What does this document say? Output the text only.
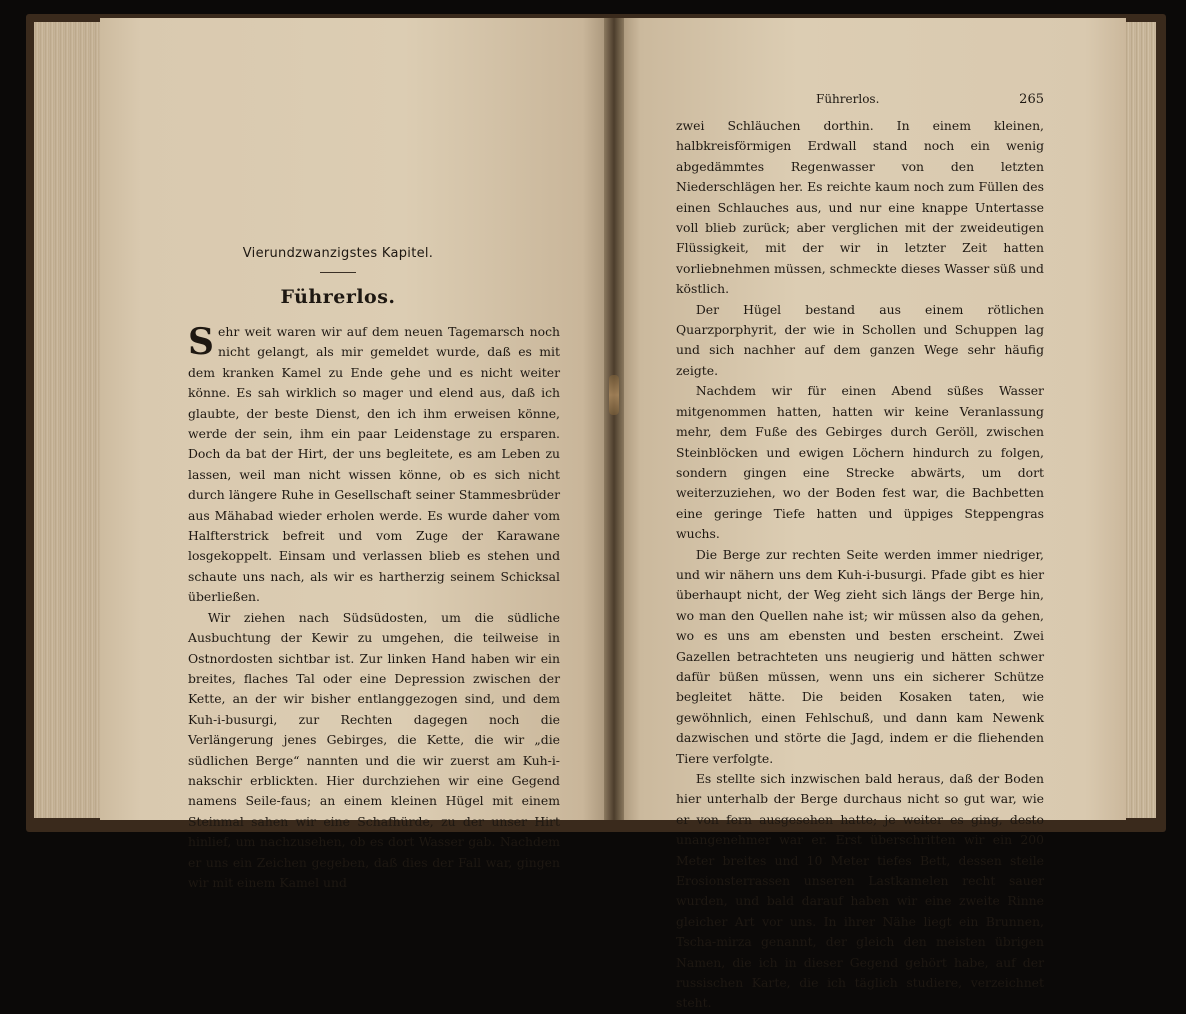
Vierundzwanzigstes Kapitel.
Führerlos.

Sehr weit waren wir auf dem neuen Tagemarsch noch nicht gelangt, als mir gemeldet wurde, daß es mit dem kranken Kamel zu Ende gehe und es nicht weiter könne. Es sah wirklich so mager und elend aus, daß ich glaubte, der beste Dienst, den ich ihm erweisen könne, werde der sein, ihm ein paar Leidenstage zu ersparen. Doch da bat der Hirt, der uns begleitete, es am Leben zu lassen, weil man nicht wissen könne, ob es sich nicht durch längere Ruhe in Gesellschaft seiner Stammesbrüder aus Mähabad wieder erholen werde. Es wurde daher vom Halfterstrick befreit und vom Zuge der Karawane losgekoppelt. Einsam und verlassen blieb es stehen und schaute uns nach, als wir es hartherzig seinem Schicksal überließen.

Wir ziehen nach Südsüdosten, um die südliche Ausbuchtung der Kewir zu umgehen, die teilweise in Ostnordosten sichtbar ist. Zur linken Hand haben wir ein breites, flaches Tal oder eine Depression zwischen der Kette, an der wir bisher entlanggezogen sind, und dem Kuh-i-busurgi, zur Rechten dagegen noch die Verlängerung jenes Gebirges, die Kette, die wir „die südlichen Berge“ nannten und die wir zuerst am Kuh-i-nakschir erblickten. Hier durchziehen wir eine Gegend namens Seile-faus; an einem kleinen Hügel mit einem Steinmal sahen wir eine Schafhürde, zu der unser Hirt hinlief, um nachzusehen, ob es dort Wasser gab. Nachdem er uns ein Zeichen gegeben, daß dies der Fall war, gingen wir mit einem Kamel und

Führerlos.	265

zwei Schläuchen dorthin. In einem kleinen, halbkreisförmigen Erdwall stand noch ein wenig abgedämmtes Regenwasser von den letzten Niederschlägen her. Es reichte kaum noch zum Füllen des einen Schlauches aus, und nur eine knappe Untertasse voll blieb zurück; aber verglichen mit der zweideutigen Flüssigkeit, mit der wir in letzter Zeit hatten vorliebnehmen müssen, schmeckte dieses Wasser süß und köstlich.

Der Hügel bestand aus einem rötlichen Quarzporphyrit, der wie in Schollen und Schuppen lag und sich nachher auf dem ganzen Wege sehr häufig zeigte.

Nachdem wir für einen Abend süßes Wasser mitgenommen hatten, hatten wir keine Veranlassung mehr, dem Fuße des Gebirges durch Geröll, zwischen Steinblöcken und ewigen Löchern hindurch zu folgen, sondern gingen eine Strecke abwärts, um dort weiterzuziehen, wo der Boden fest war, die Bachbetten eine geringe Tiefe hatten und üppiges Steppengras wuchs.

Die Berge zur rechten Seite werden immer niedriger, und wir nähern uns dem Kuh-i-busurgi. Pfade gibt es hier überhaupt nicht, der Weg zieht sich längs der Berge hin, wo man den Quellen nahe ist; wir müssen also da gehen, wo es uns am ebensten und besten erscheint. Zwei Gazellen betrachteten uns neugierig und hätten schwer dafür büßen müssen, wenn uns ein sicherer Schütze begleitet hätte. Die beiden Kosaken taten, wie gewöhnlich, einen Fehlschuß, und dann kam Newenk dazwischen und störte die Jagd, indem er die fliehenden Tiere verfolgte.

Es stellte sich inzwischen bald heraus, daß der Boden hier unterhalb der Berge durchaus nicht so gut war, wie er von fern ausgesehen hatte; je weiter es ging, desto unangenehmer war er. Erst überschritten wir ein 200 Meter breites und 10 Meter tiefes Bett, dessen steile Erosionsterrassen unseren Lastkamelen recht sauer wurden, und bald darauf haben wir eine zweite Rinne gleicher Art vor uns. In ihrer Nähe liegt ein Brunnen, Tscha-mirza genannt, der gleich den meisten übrigen Namen, die ich in dieser Gegend gehört habe, auf der russischen Karte, die ich täglich studiere, verzeichnet steht.
